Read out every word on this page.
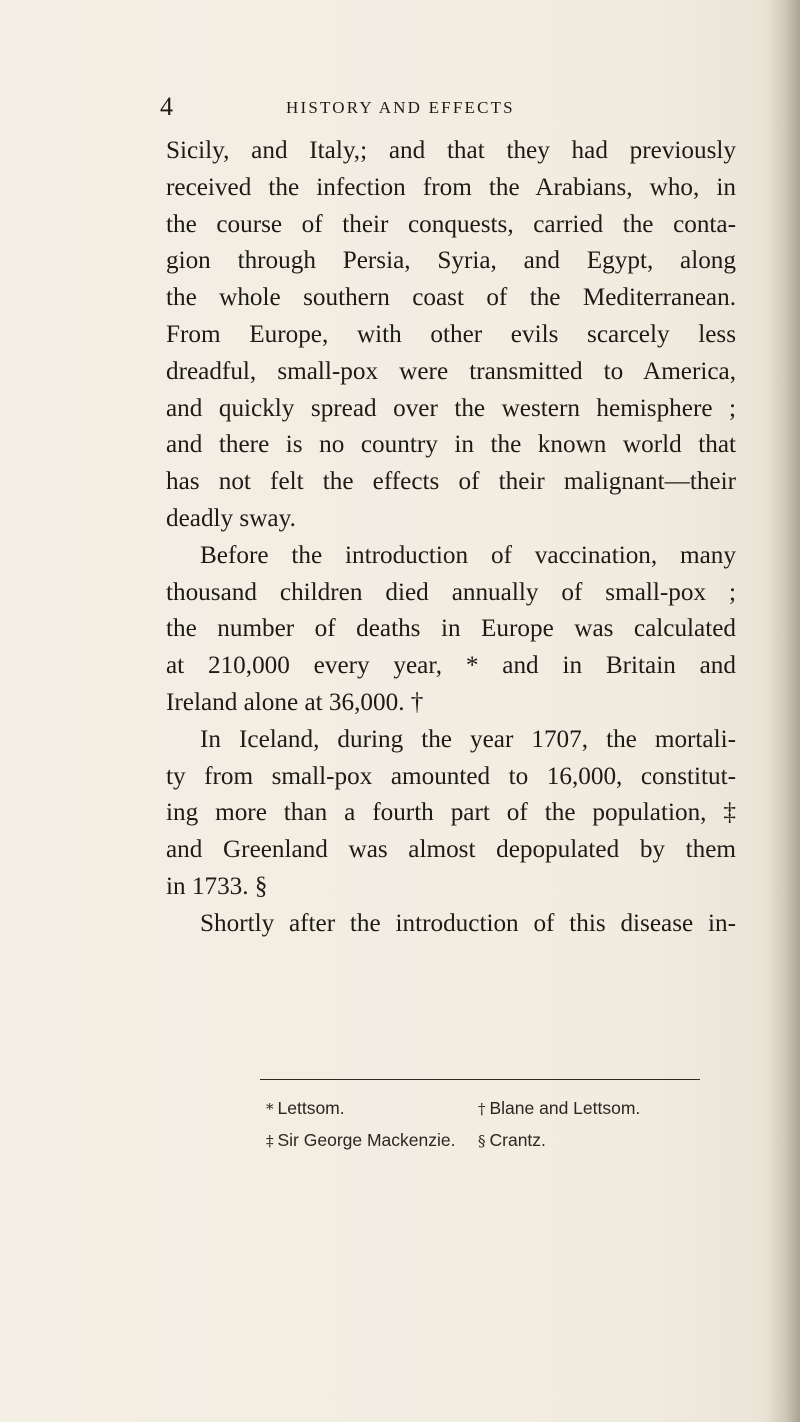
4	HISTORY AND EFFECTS
Sicily, and Italy,; and that they had previously
received the infection from the Arabians, who, in
the course of their conquests, carried the conta-
gion through Persia, Syria, and Egypt, along
the whole southern coast of the Mediterranean.
From Europe, with other evils scarcely less
dreadful, small-pox were transmitted to America,
and quickly spread over the western hemisphere ;
and there is no country in the known world that
has not felt the effects of their malignant—their
deadly sway.
Before the introduction of vaccination, many
thousand children died annually of small-pox ;
the number of deaths in Europe was calculated
at 210,000 every year, * and in Britain and
Ireland alone at 36,000. †
In Iceland, during the year 1707, the mortali-
ty from small-pox amounted to 16,000, constitut-
ing more than a fourth part of the population, ‡
and Greenland was almost depopulated by them
in 1733. §
Shortly after the introduction of this disease in-
* Lettsom.	† Blane and Lettsom.
‡ Sir George Mackenzie. § Crantz.
